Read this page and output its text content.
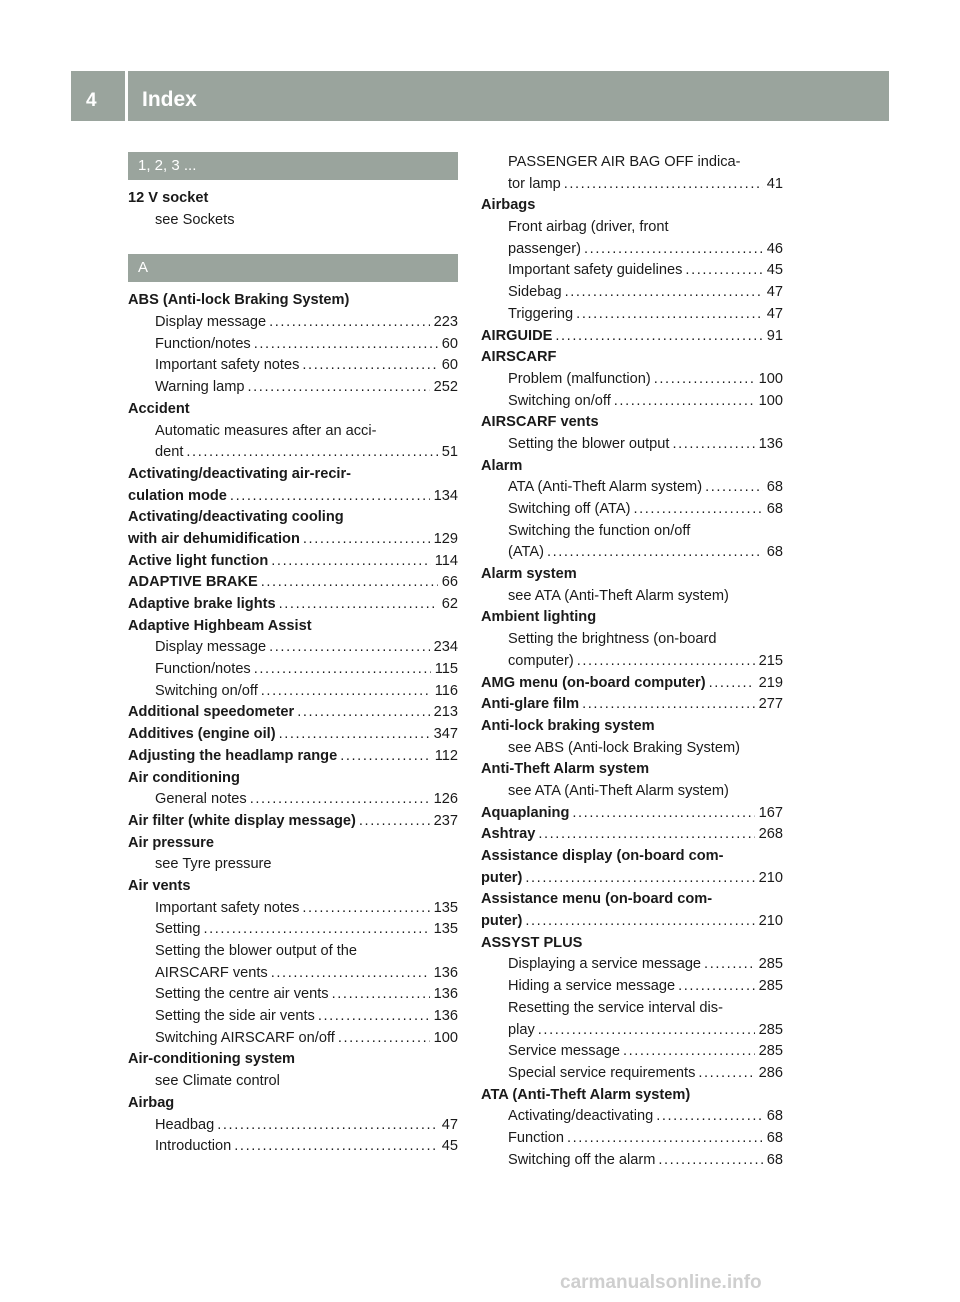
4 Index
1, 2, 3 ...
12 V socket
see Sockets
A
ABS (Anti-lock Braking System)
Display message .....	223
Function/notes .....	60
Important safety notes .....	60
Warning lamp .....	252
Accident
Automatic measures after an acci-
dent .....	51
Activating/deactivating air-recir-
culation mode .....	134
Activating/deactivating cooling
with air dehumidification .....	129
Active light function .....	114
ADAPTIVE BRAKE .....	66
Adaptive brake lights .....	62
Adaptive Highbeam Assist
Display message .....	234
Function/notes .....	115
Switching on/off .....	116
Additional speedometer .....	213
Additives (engine oil) .....	347
Adjusting the headlamp range .....	112
Air conditioning
General notes .....	126
Air filter (white display message) .....	237
Air pressure
see Tyre pressure
Air vents
Important safety notes .....	135
Setting .....	135
Setting the blower output of the
AIRSCARF vents .....	136
Setting the centre air vents .....	136
Setting the side air vents .....	136
Switching AIRSCARF on/off .....	100
Air-conditioning system
see Climate control
Airbag
Headbag .....	47
Introduction .....	45
PASSENGER AIR BAG OFF indica-
tor lamp .....	41
Airbags
Front airbag (driver, front
passenger) .....	46
Important safety guidelines .....	45
Sidebag .....	47
Triggering .....	47
AIRGUIDE .....	91
AIRSCARF
Problem (malfunction) .....	100
Switching on/off .....	100
AIRSCARF vents
Setting the blower output .....	136
Alarm
ATA (Anti-Theft Alarm system) .....	68
Switching off (ATA) .....	68
Switching the function on/off
(ATA) .....	68
Alarm system
see ATA (Anti-Theft Alarm system)
Ambient lighting
Setting the brightness (on-board
computer) .....	215
AMG menu (on-board computer) .....	219
Anti-glare film .....	277
Anti-lock braking system
see ABS (Anti-lock Braking System)
Anti-Theft Alarm system
see ATA (Anti-Theft Alarm system)
Aquaplaning .....	167
Ashtray .....	268
Assistance display (on-board com-
puter) .....	210
Assistance menu (on-board com-
puter) .....	210
ASSYST PLUS
Displaying a service message .....	285
Hiding a service message .....	285
Resetting the service interval dis-
play .....	285
Service message .....	285
Special service requirements .....	286
ATA (Anti-Theft Alarm system)
Activating/deactivating .....	68
Function .....	68
Switching off the alarm .....	68
carmanualsonline.info
